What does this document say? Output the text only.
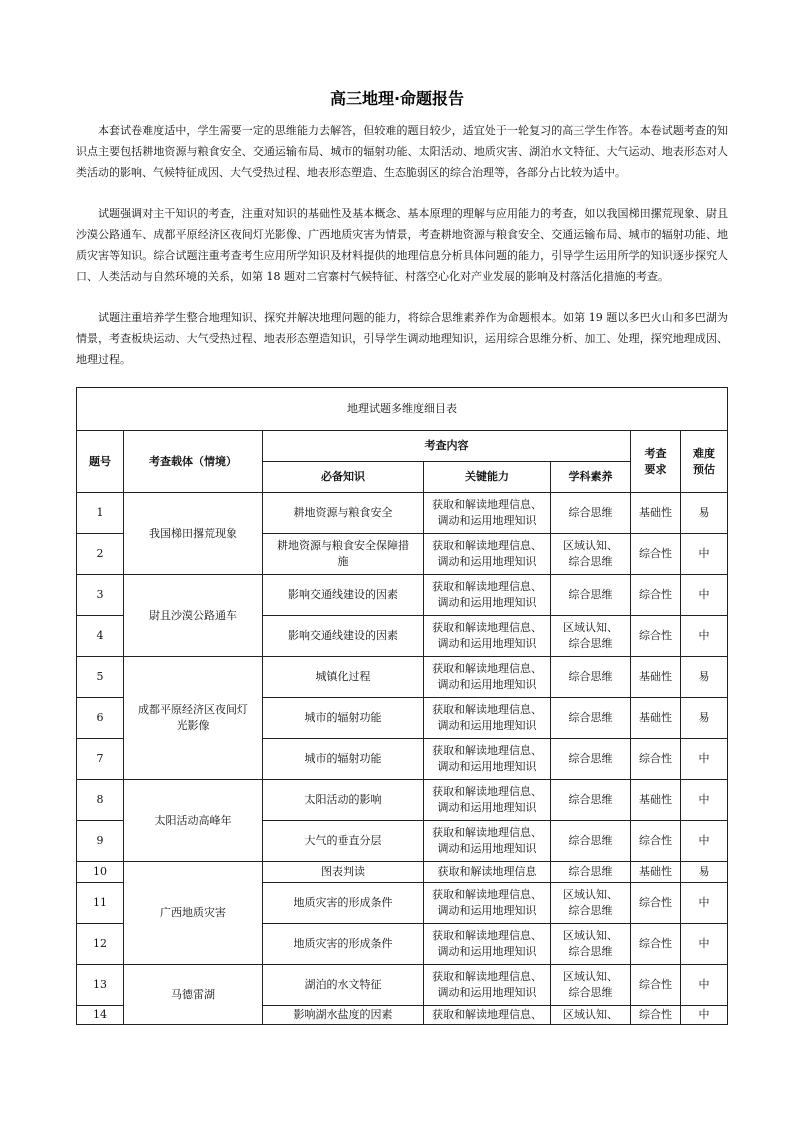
高三地理·命题报告

本套试卷难度适中，学生需要一定的思维能力去解答，但较难的题目较少，适宜处于一轮复习的高三学生作答。本卷试题考查的知识点主要包括耕地资源与粮食安全、交通运输布局、城市的辐射功能、太阳活动、地质灾害、湖泊水文特征、大气运动、地表形态对人类活动的影响、气候特征成因、大气受热过程、地表形态塑造、生态脆弱区的综合治理等，各部分占比较为适中。

试题强调对主干知识的考查，注重对知识的基础性及基本概念、基本原理的理解与应用能力的考查，如以我国梯田摞荒现象、尉且沙漠公路通车、成都平原经济区夜间灯光影像、广西地质灾害为情景，考查耕地资源与粮食安全、交通运输布局、城市的辐射功能、地质灾害等知识。综合试题注重考查考生应用所学知识及材料提供的地理信息分析具体问题的能力，引导学生运用所学的知识逐步探究人口、人类活动与自然环境的关系，如第 18 题对二官寨村气候特征、村落空心化对产业发展的影响及村落活化措施的考查。

试题注重培养学生整合地理知识、探究并解决地理问题的能力，将综合思维素养作为命题根本。如第 19 题以多巴火山和多巴湖为情景，考查板块运动、大气受热过程、地表形态塑造知识，引导学生调动地理知识，运用综合思维分析、加工、处理，探究地理成因、地理过程。

地理试题多维度细目表						
题号	考查载体（情境）	考查内容			考查
要求	难度
预估

		必备知识	关键能力	学科素养		
1	我国梯田撂荒现象	耕地资源与粮食安全	获取和解读地理信息、
调动和运用地理知识	综合思维	基础性	易
2		耕地资源与粮食安全保障措
施	获取和解读地理信息、
调动和运用地理知识	区域认知、
综合思维	综合性	中
3	尉且沙漠公路通车	影响交通线建设的因素	获取和解读地理信息、
调动和运用地理知识	综合思维	综合性	中
4		影响交通线建设的因素	获取和解读地理信息、
调动和运用地理知识	区域认知、
综合思维	综合性	中
5	成都平原经济区夜间灯
光影像	城镇化过程	获取和解读地理信息、
调动和运用地理知识	综合思维	基础性	易
6		城市的辐射功能	获取和解读地理信息、
调动和运用地理知识	综合思维	基础性	易
7		城市的辐射功能	获取和解读地理信息、
调动和运用地理知识	综合思维	综合性	中
8	太阳活动高峰年	太阳活动的影响	获取和解读地理信息、
调动和运用地理知识	综合思维	基础性	中
9		大气的垂直分层	获取和解读地理信息、
调动和运用地理知识	综合思维	综合性	中
10	广西地质灾害	图表判读	获取和解读地理信息	综合思维	基础性	易
11		地质灾害的形成条件	获取和解读地理信息、
调动和运用地理知识	区域认知、
综合思维	综合性	中
12		地质灾害的形成条件	获取和解读地理信息、
调动和运用地理知识	区域认知、
综合思维	综合性	中
13	马德雷湖	湖泊的水文特征	获取和解读地理信息、
调动和运用地理知识	区域认知、
综合思维	综合性	中
14		影响湖水盐度的因素	获取和解读地理信息、	区域认知、	综合性	中
